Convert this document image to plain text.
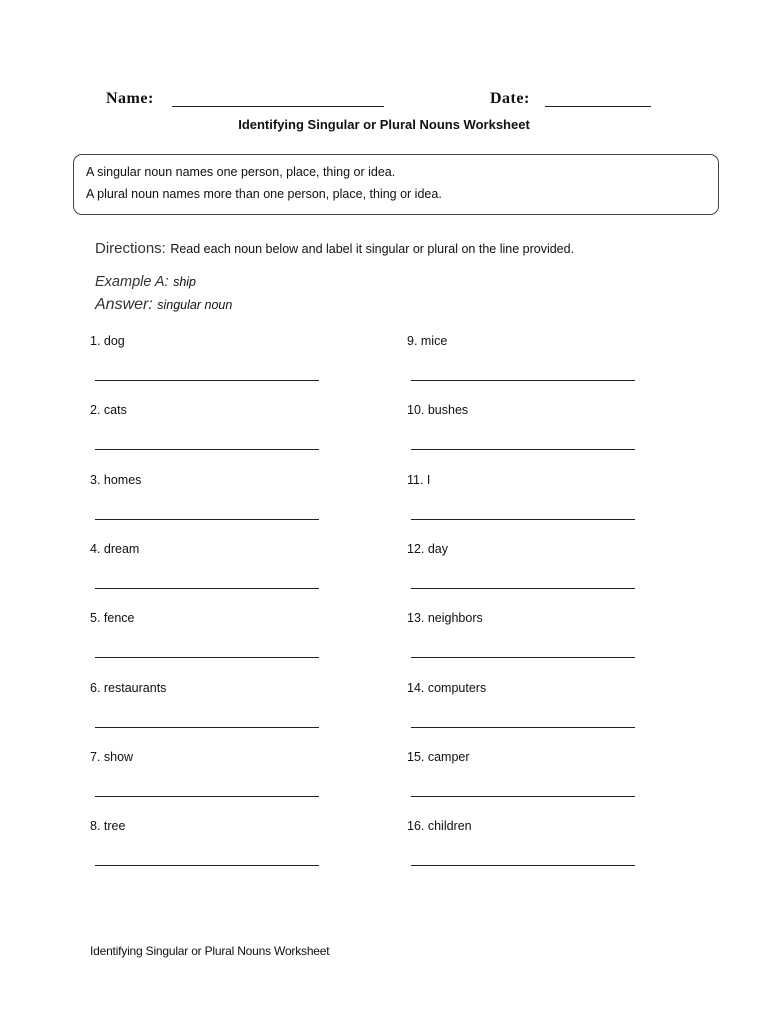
Name:	Date:
Identifying Singular or Plural Nouns Worksheet
A singular noun names one person, place, thing or idea.
A plural noun names more than one person, place, thing or idea.
Directions: Read each noun below and label it singular or plural on the line provided.
Example A: ship
Answer: singular noun
1. dog
2. cats
3. homes
4. dream
5. fence
6. restaurants
7. show
8. tree
9. mice
10. bushes
11. I
12. day
13. neighbors
14. computers
15. camper
16. children
Identifying Singular or Plural Nouns Worksheet
